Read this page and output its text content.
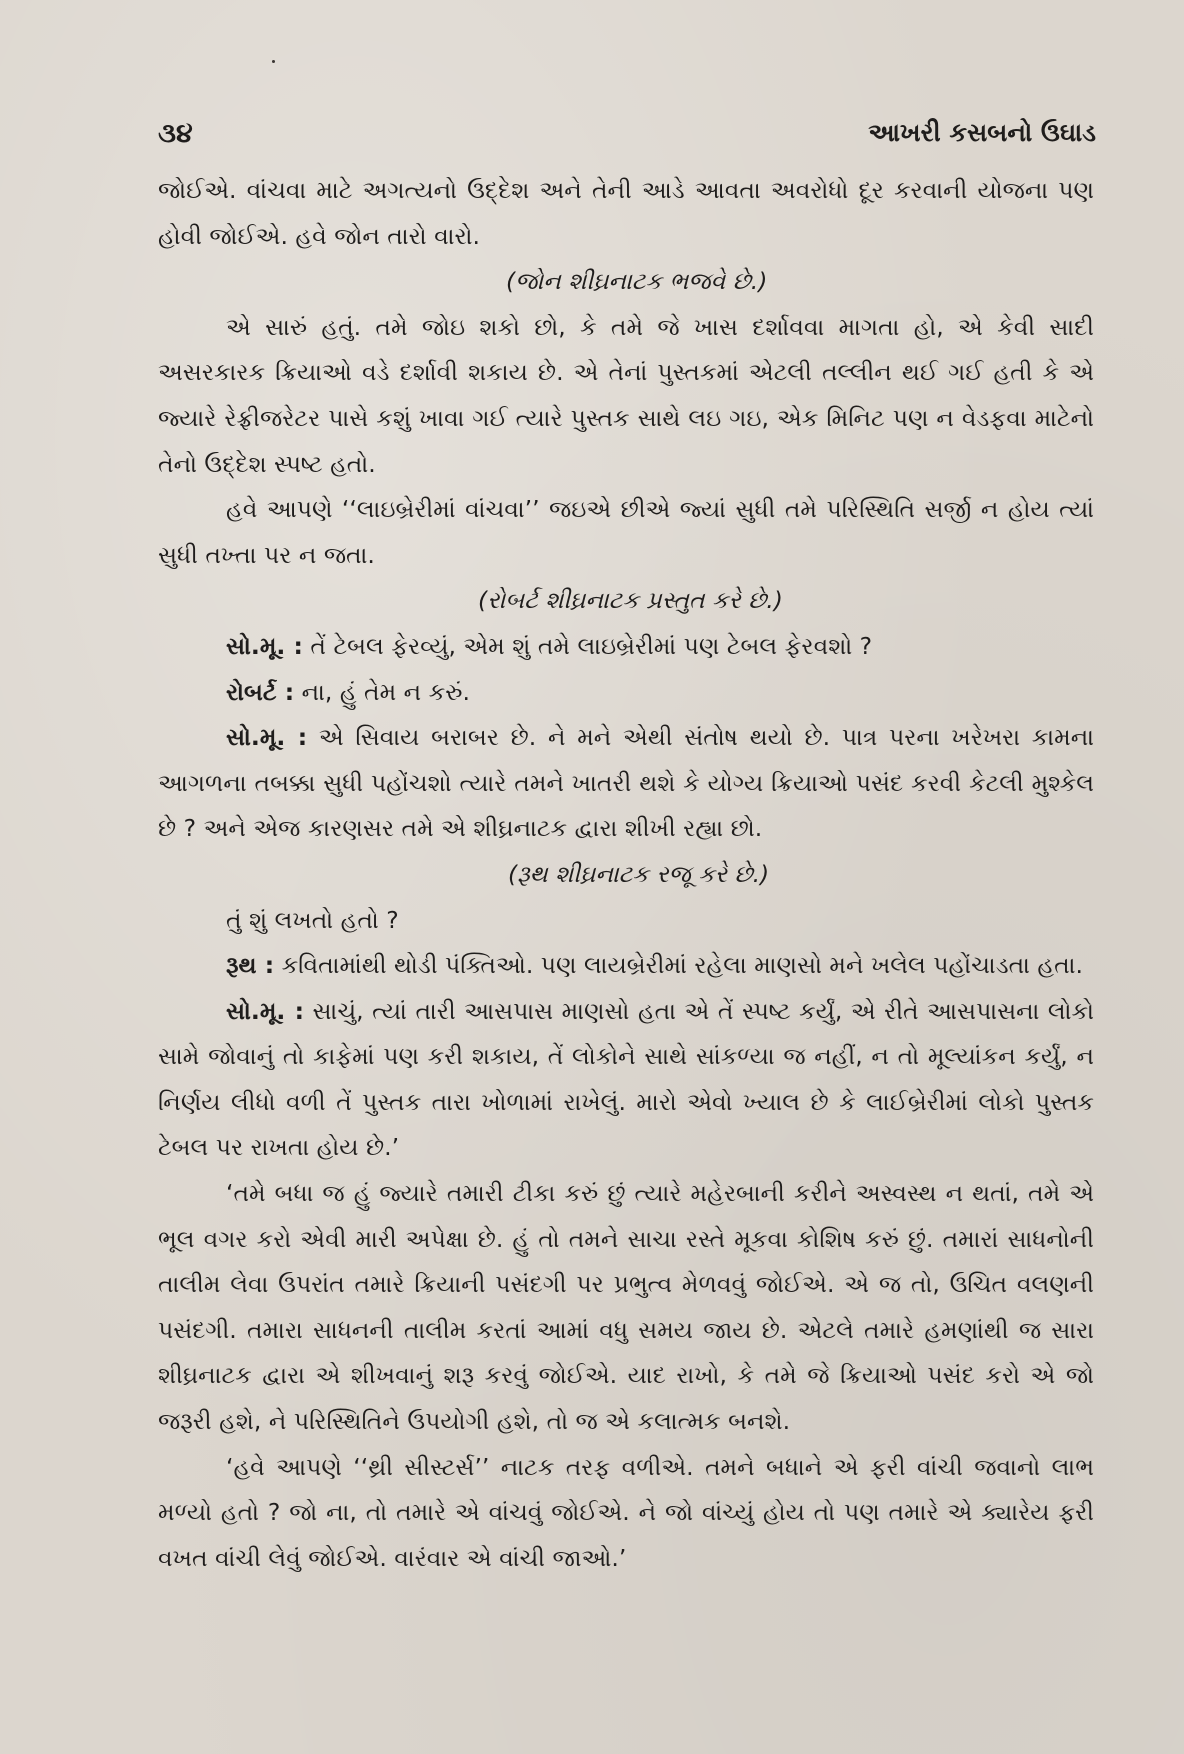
૩૪	આખરી કસબનો ઉઘાડ

જોઈએ. વાંચવા માટે અગત્યનો ઉદ્દેશ અને તેની આડે આવતા અવરોધો દૂર કરવાની યોજના પણ હોવી જોઈએ. હવે જોન તારો વારો.

(જોન શીઘ્રનાટક ભજવે છે.)

એ સારું હતું. તમે જોઇ શકો છો, કે તમે જે ખાસ દર્શાવવા માગતા હો, એ કેવી સાદી અસરકારક ક્રિયાઓ વડે દર્શાવી શકાય છે. એ તેનાં પુસ્તકમાં એટલી તલ્લીન થઈ ગઈ હતી કે એ જ્યારે રેફ્રીજરેટર પાસે કશું ખાવા ગઈ ત્યારે પુસ્તક સાથે લઇ ગઇ, એક મિનિટ પણ ન વેડફવા માટેનો તેનો ઉદ્દેશ સ્પષ્ટ હતો.

હવે આપણે ‘‘લાઇબ્રેરીમાં વાંચવા’’ જઇએ છીએ જ્યાં સુધી તમે પરિસ્થિતિ સર્જી ન હોય ત્યાં સુધી તખ્તા પર ન જતા.

(રોબર્ટ શીઘ્રનાટક પ્રસ્તુત કરે છે.)

સો.મૂ. : તેં ટેબલ ફેરવ્યું, એમ શું તમે લાઇબ્રેરીમાં પણ ટેબલ ફેરવશો ?

રોબર્ટ : ના, હું તેમ ન કરું.

સો.મૂ. : એ સિવાય બરાબર છે. ને મને એથી સંતોષ થયો છે. પાત્ર પરના ખરેખરા કામના આગળના તબક્કા સુધી પહોંચશો ત્યારે તમને ખાતરી થશે કે યોગ્ય ક્રિયાઓ પસંદ કરવી કેટલી મુશ્કેલ છે ? અને એજ કારણસર તમે એ શીઘ્રનાટક દ્વારા શીખી રહ્યા છો.

(રૂથ શીઘ્રનાટક રજૂ કરે છે.)

તું શું લખતો હતો ?

રૂથ : કવિતામાંથી થોડી પંક્તિઓ. પણ લાયબ્રેરીમાં રહેલા માણસો મને ખલેલ પહોંચાડતા હતા.

સો.મૂ. : સાચું, ત્યાં તારી આસપાસ માણસો હતા એ તેં સ્પષ્ટ કર્યું, એ રીતે આસપાસના લોકો સામે જોવાનું તો કાફેમાં પણ કરી શકાય, તેં લોકોને સાથે સાંકળ્યા જ નહીં, ન તો મૂલ્યાંકન કર્યું, ન નિર્ણય લીધો વળી તેં પુસ્તક તારા ખોળામાં રાખેલું. મારો એવો ખ્યાલ છે કે લાઈબ્રેરીમાં લોકો પુસ્તક ટેબલ પર રાખતા હોય છે.’

‘તમે બધા જ હું જ્યારે તમારી ટીકા કરું છું ત્યારે મહેરબાની કરીને અસ્વસ્થ ન થતાં, તમે એ ભૂલ વગર કરો એવી મારી અપેક્ષા છે. હું તો તમને સાચા રસ્તે મૂકવા કોશિષ કરું છું. તમારાં સાધનોની તાલીમ લેવા ઉપરાંત તમારે ક્રિયાની પસંદગી પર પ્રભુત્વ મેળવવું જોઈએ. એ જ તો, ઉચિત વલણની પસંદગી. તમારા સાધનની તાલીમ કરતાં આમાં વધુ સમય જાય છે. એટલે તમારે હમણાંથી જ સારા શીઘ્રનાટક દ્વારા એ શીખવાનું શરૂ કરવું જોઈએ. યાદ રાખો, કે તમે જે ક્રિયાઓ પસંદ કરો એ જો જરૂરી હશે, ને પરિસ્થિતિને ઉપયોગી હશે, તો જ એ કલાત્મક બનશે.

‘હવે આપણે ‘‘થ્રી સીસ્ટર્સ’’ નાટક તરફ વળીએ. તમને બધાને એ ફરી વાંચી જવાનો લાભ મળ્યો હતો ? જો ના, તો તમારે એ વાંચવું જોઈએ. ને જો વાંચ્યું હોય તો પણ તમારે એ ક્યારેય ફરી વખત વાંચી લેવું જોઈએ. વારંવાર એ વાંચી જાઓ.’
